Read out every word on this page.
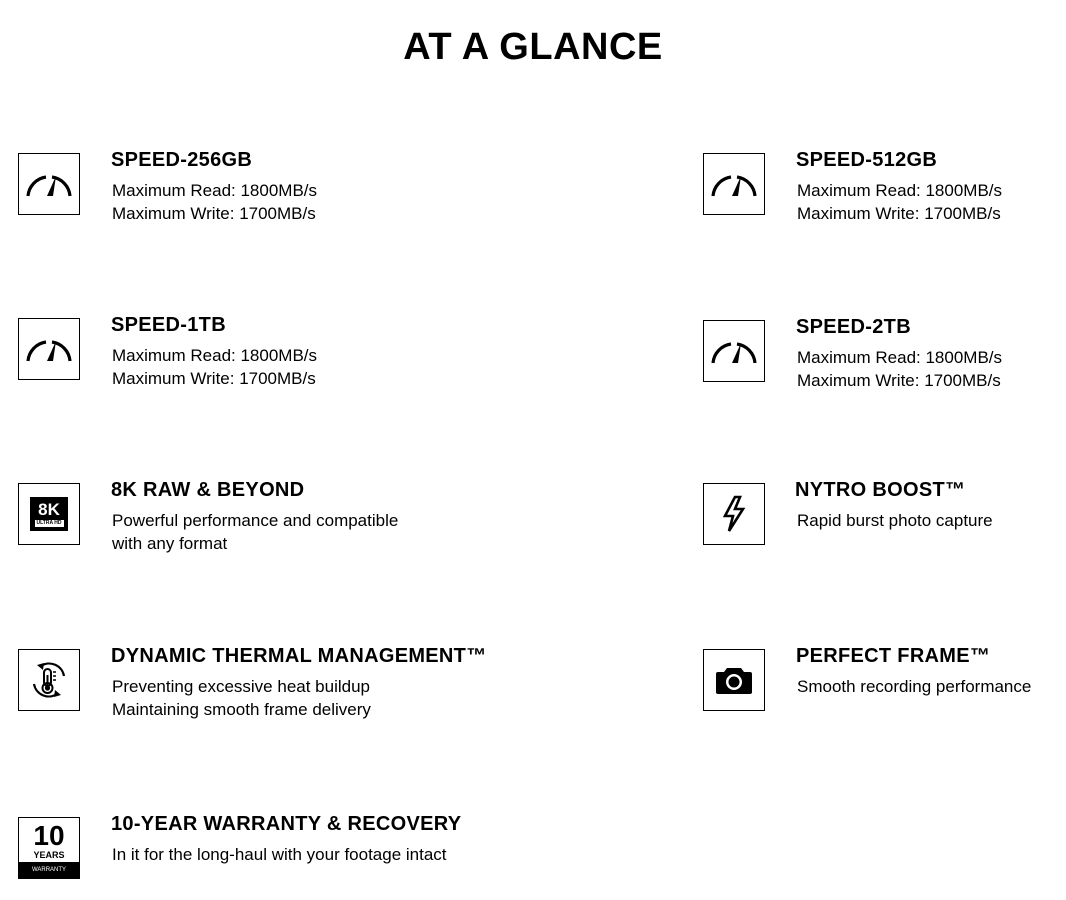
AT A GLANCE
SPEED-256GB
Maximum Read: 1800MB/s
Maximum Write: 1700MB/s
SPEED-512GB
Maximum Read: 1800MB/s
Maximum Write: 1700MB/s
SPEED-1TB
Maximum Read: 1800MB/s
Maximum Write: 1700MB/s
SPEED-2TB
Maximum Read: 1800MB/s
Maximum Write: 1700MB/s
8K
ULTRA HD
8K RAW & BEYOND
Powerful performance and compatible
with any format
NYTRO BOOST™
Rapid burst photo capture
DYNAMIC THERMAL MANAGEMENT™
Preventing excessive heat buildup
Maintaining smooth frame delivery
PERFECT FRAME™
Smooth recording performance
10
YEARS
WARRANTY
10-YEAR WARRANTY & RECOVERY
In it for the long-haul with your footage intact
